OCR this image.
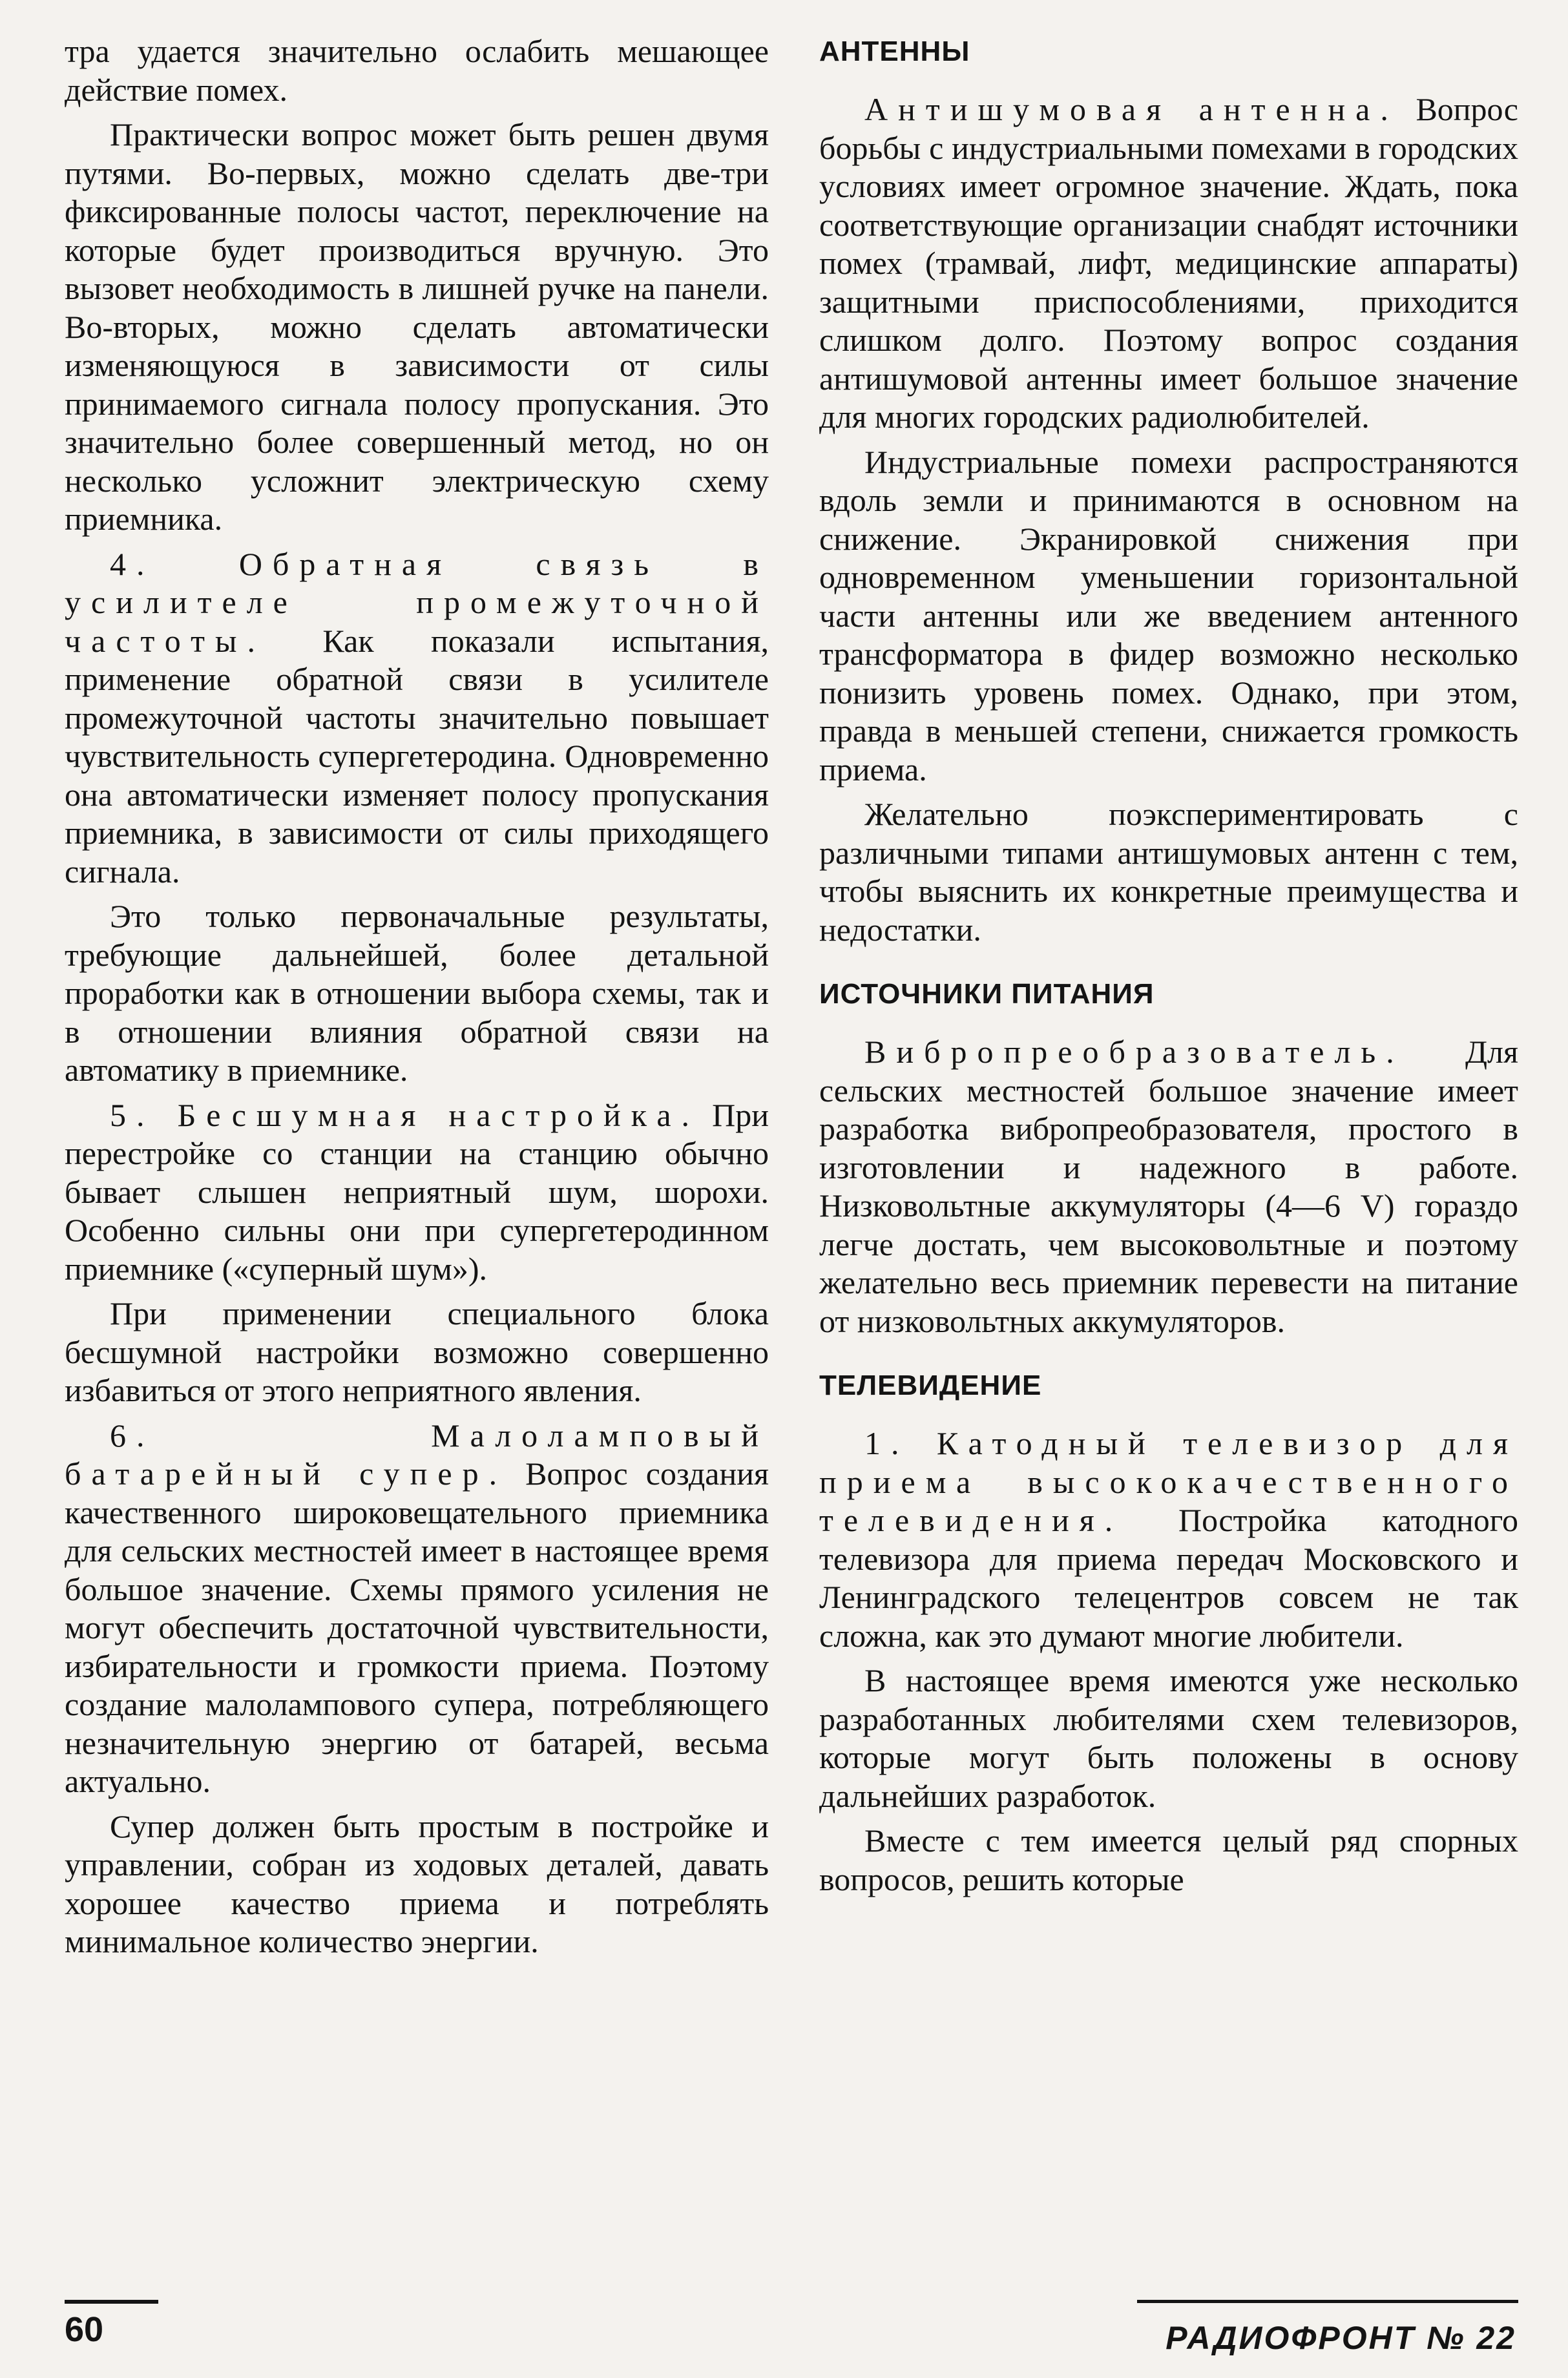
тра удается значительно ослабить мешающее действие помех.

Практически вопрос может быть решен двумя путями. Во-первых, можно сделать две-три фиксированные полосы частот, переключение на которые будет производиться вручную. Это вызовет необходимость в лишней ручке на панели. Во-вторых, можно сделать автоматически изменяющуюся в зависимости от силы принимаемого сигнала полосу пропускания. Это значительно более совершенный метод, но он несколько усложнит электрическую схему приемника.

4. Обратная связь в усилителе промежуточной частоты. Как показали испытания, применение обратной связи в усилителе промежуточной частоты значительно повышает чувствительность супергетеродина. Одновременно она автоматически изменяет полосу пропускания приемника, в зависимости от силы приходящего сигнала.

Это только первоначальные результаты, требующие дальнейшей, более детальной проработки как в отношении выбора схемы, так и в отношении влияния обратной связи на автоматику в приемнике.

5. Бесшумная настройка. При перестройке со станции на станцию обычно бывает слышен неприятный шум, шорохи. Особенно сильны они при супергетеродинном приемнике («суперный шум»).

При применении специального блока бесшумной настройки возможно совершенно избавиться от этого неприятного явления.

6. Малоламповый батарейный супер. Вопрос создания качественного широковещательного приемника для сельских местностей имеет в настоящее время большое значение. Схемы прямого усиления не могут обеспечить достаточной чувствительности, избирательности и громкости приема. Поэтому создание малолампового супера, потребляющего незначительную энергию от батарей, весьма актуально.

Супер должен быть простым в постройке и управлении, собран из ходовых деталей, давать хорошее качество приема и потреблять минимальное количество энергии.

АНТЕННЫ

Антишумовая антенна. Вопрос борьбы с индустриальными помехами в городских условиях имеет огромное значение. Ждать, пока соответствующие организации снабдят источники помех (трамвай, лифт, медицинские аппараты) защитными приспособлениями, приходится слишком долго. Поэтому вопрос создания антишумовой антенны имеет большое значение для многих городских радиолюбителей.

Индустриальные помехи распространяются вдоль земли и принимаются в основном на снижение. Экранировкой снижения при одновременном уменьшении горизонтальной части антенны или же введением антенного трансформатора в фидер возможно несколько понизить уровень помех. Однако, при этом, правда в меньшей степени, снижается громкость приема.

Желательно поэкспериментировать с различными типами антишумовых антенн с тем, чтобы выяснить их конкретные преимущества и недостатки.

ИСТОЧНИКИ ПИТАНИЯ

Вибропреобразователь. Для сельских местностей большое значение имеет разработка вибропреобразователя, простого в изготовлении и надежного в работе. Низковольтные аккумуляторы (4—6 V) гораздо легче достать, чем высоковольтные и поэтому желательно весь приемник перевести на питание от низковольтных аккумуляторов.

ТЕЛЕВИДЕНИЕ

1. Катодный телевизор для приема высококачественного телевидения. Постройка катодного телевизора для приема передач Московского и Ленинградского телецентров совсем не так сложна, как это думают многие любители.

В настоящее время имеются уже несколько разработанных любителями схем телевизоров, которые могут быть положены в основу дальнейших разработок.

Вместе с тем имеется целый ряд спорных вопросов, решить которые

60	РАДИОФРОНТ № 22
